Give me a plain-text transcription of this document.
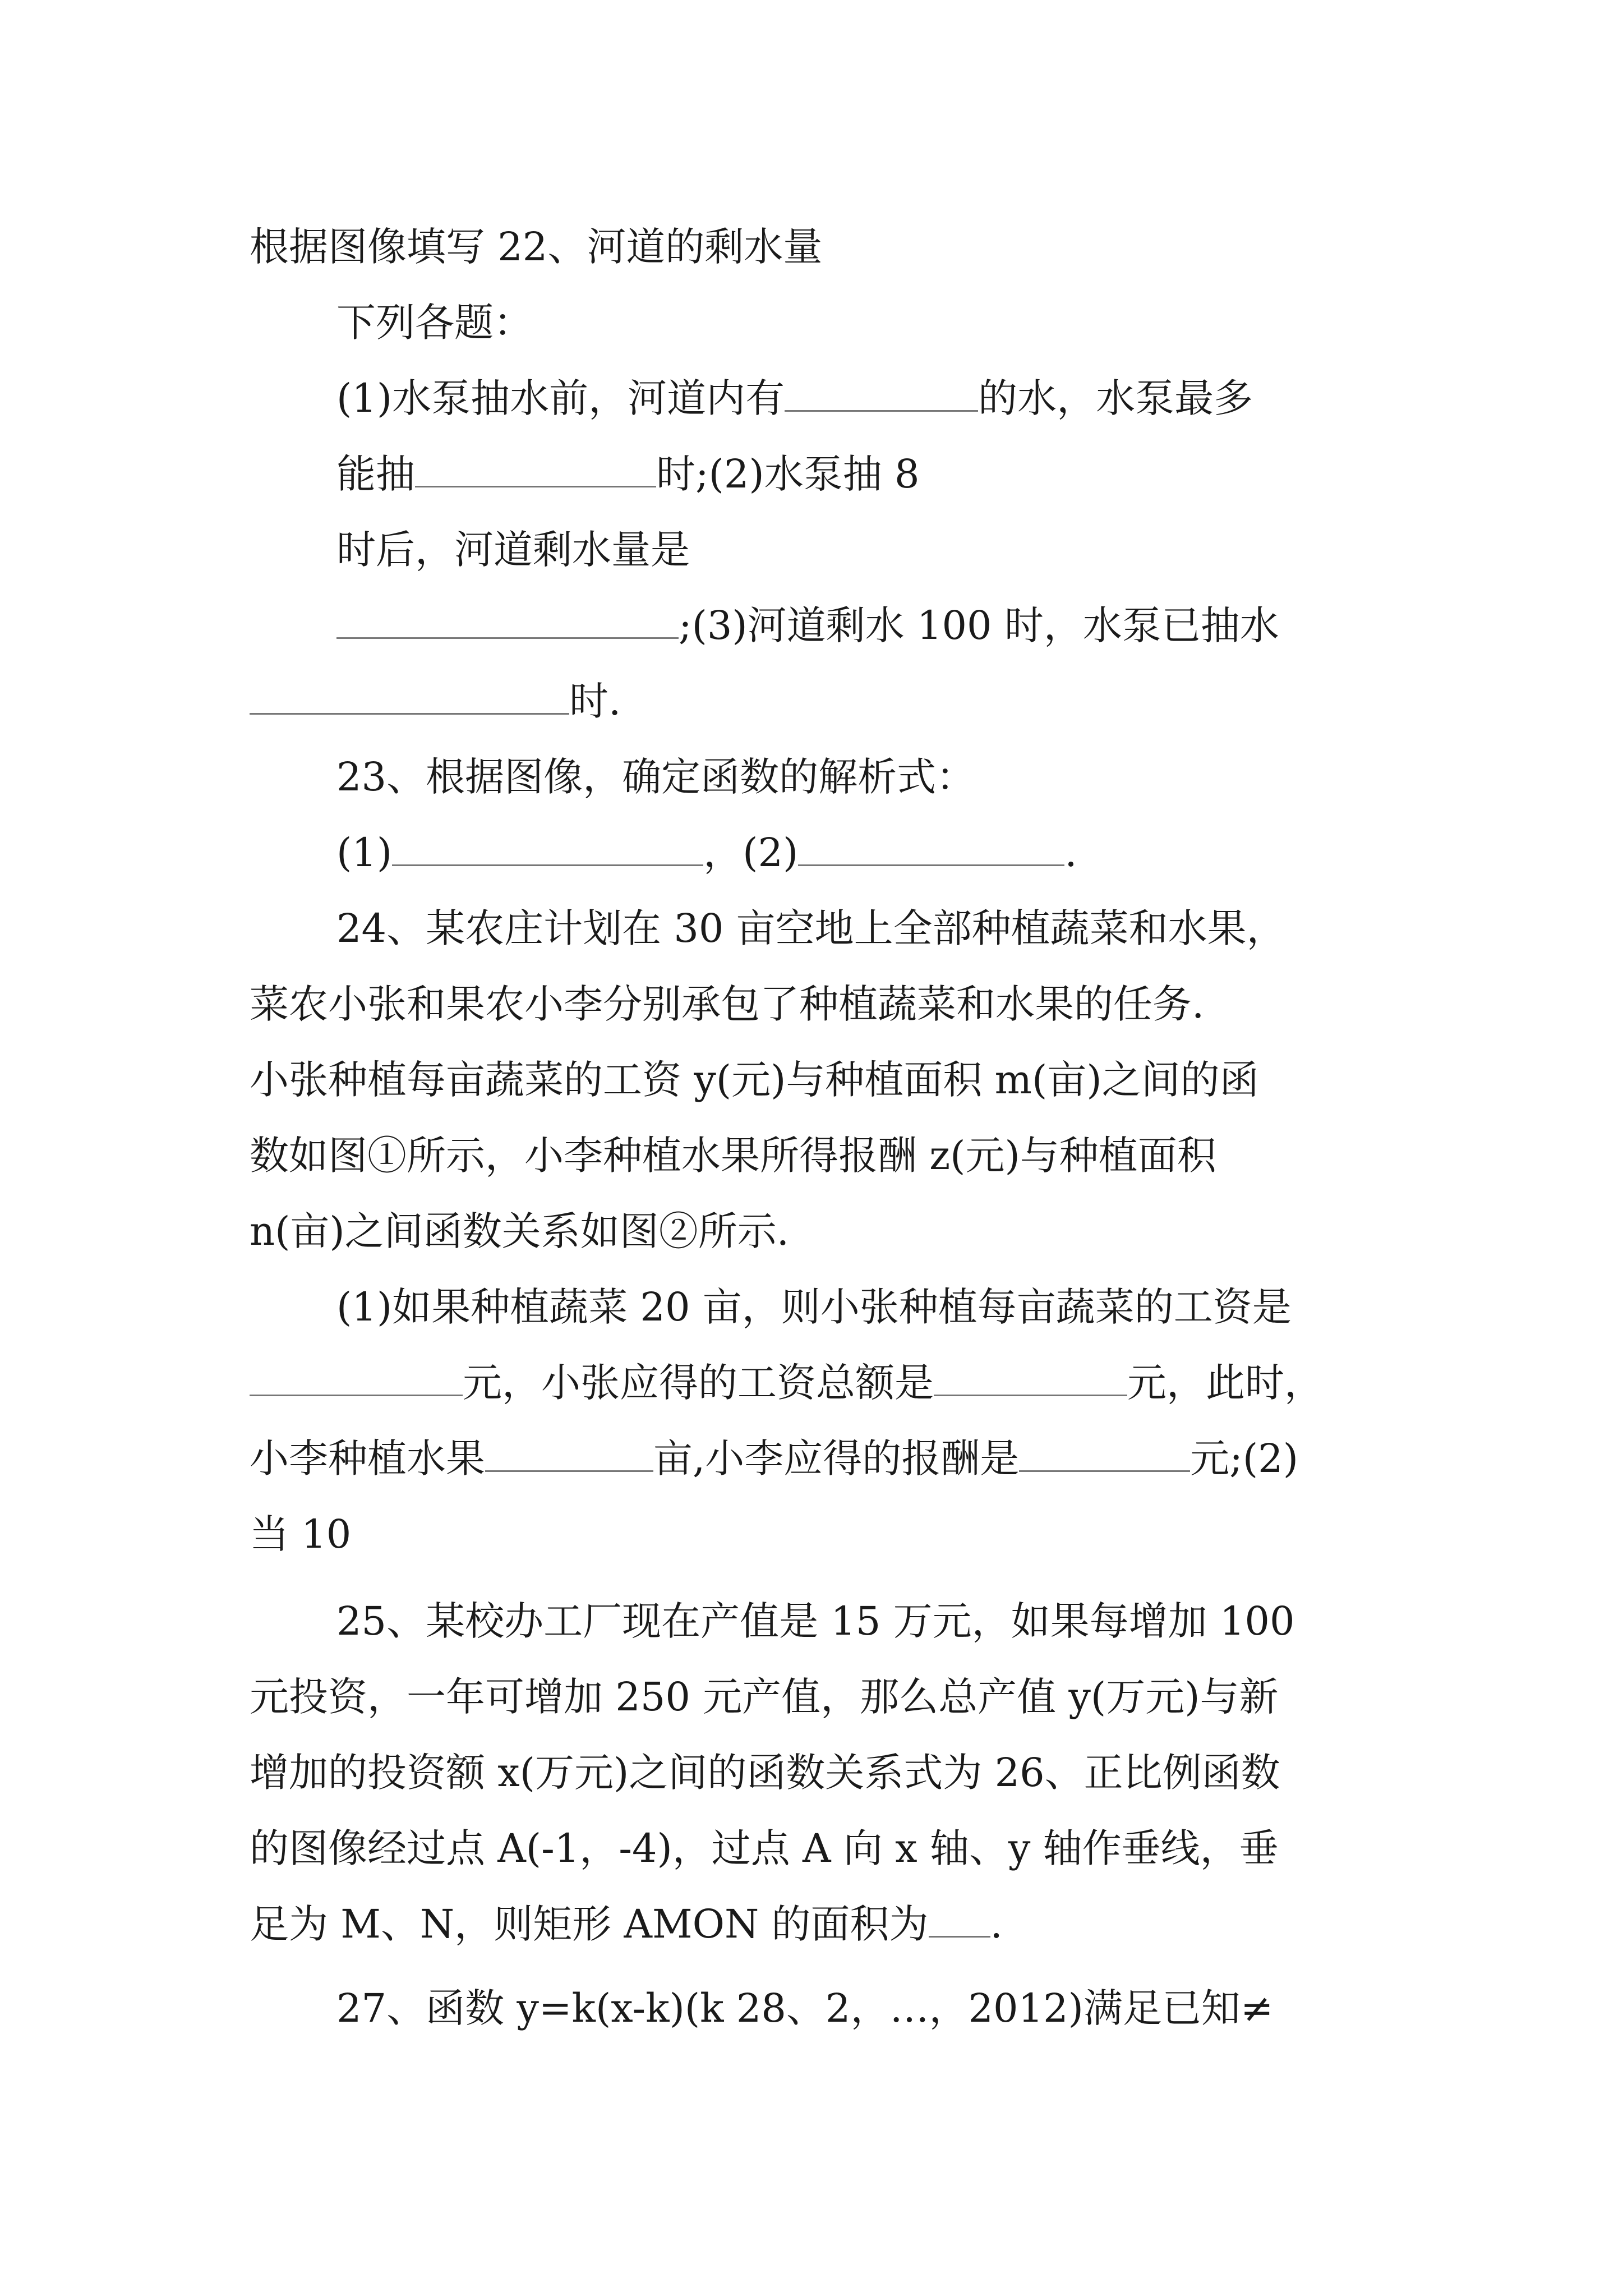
根据图像填写 22、河道的剩水量
下列各题：
(1)水泵抽水前，河道内有	的水，水泵最多
能抽	时;(2)水泵抽 8
时后，河道剩水量是
;(3)河道剩水 100 时，水泵已抽水
时.
23、根据图像，确定函数的解析式：
(1)	，(2)	.
24、某农庄计划在 30 亩空地上全部种植蔬菜和水果，
菜农小张和果农小李分别承包了种植蔬菜和水果的任务.
小张种植每亩蔬菜的工资 y(元)与种植面积 m(亩)之间的函
数如图①所示，小李种植水果所得报酬 z(元)与种植面积
n(亩)之间函数关系如图②所示.
(1)如果种植蔬菜 20 亩，则小张种植每亩蔬菜的工资是
元，小张应得的工资总额是	元，此时，
小李种植水果	亩,小李应得的报酬是	元;(2)
当 10
25、某校办工厂现在产值是 15 万元，如果每增加 100
元投资，一年可增加 250 元产值，那么总产值 y(万元)与新
增加的投资额 x(万元)之间的函数关系式为 26、正比例函数
的图像经过点 A(-1，-4)，过点 A 向 x 轴、y 轴作垂线，垂
足为 M、N，则矩形 AMON 的面积为 .
27、函数 y=k(x-k)(k 28、2，…，2012)满足已知≠
